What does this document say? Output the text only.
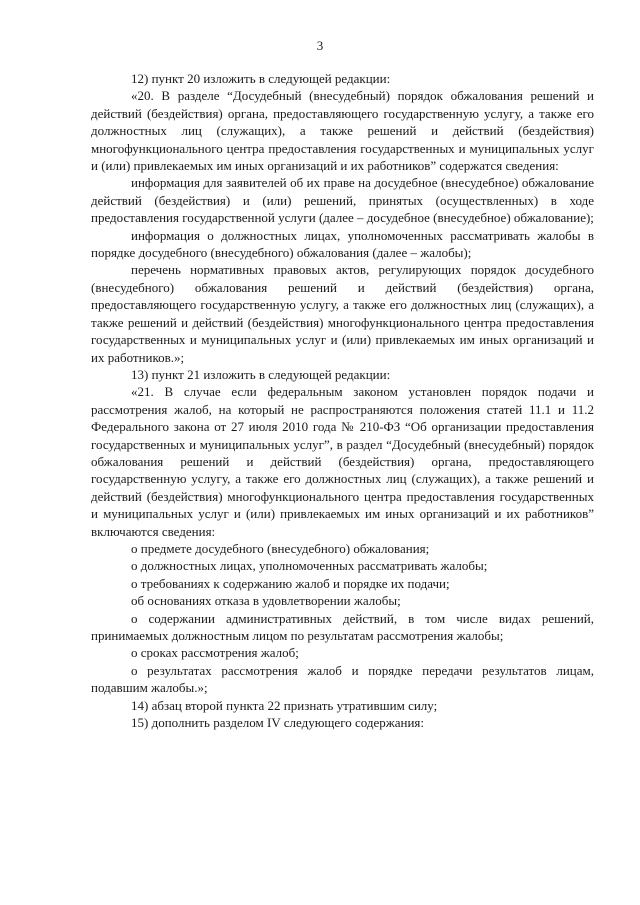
3

12) пункт 20 изложить в следующей редакции:

«20. В разделе “Досудебный (внесудебный) порядок обжалования решений и действий (бездействия) органа, предоставляющего государственную услугу, а также его должностных лиц (служащих), а также решений и действий (бездействия) многофункционального центра предоставления государственных и муниципальных услуг и (или) привлекаемых им иных организаций и их работников” содержатся сведения:

информация для заявителей об их праве на досудебное (внесудебное) обжалование действий (бездействия) и (или) решений, принятых (осуществленных) в ходе предоставления государственной услуги (далее – досудебное (внесудебное) обжалование);

информация о должностных лицах, уполномоченных рассматривать жалобы в порядке досудебного (внесудебного) обжалования (далее – жалобы);

перечень нормативных правовых актов, регулирующих порядок досудебного (внесудебного) обжалования решений и действий (бездействия) органа, предоставляющего государственную услугу, а также его должностных лиц (служащих), а также решений и действий (бездействия) многофункционального центра предоставления государственных и муниципальных услуг и (или) привлекаемых им иных организаций и их работников.»;

13) пункт 21 изложить в следующей редакции:

«21. В случае если федеральным законом установлен порядок подачи и рассмотрения жалоб, на который не распространяются положения статей 11.1 и 11.2 Федерального закона от 27 июля 2010 года № 210-ФЗ “Об организации предоставления государственных и муниципальных услуг”, в раздел “Досудебный (внесудебный) порядок обжалования решений и действий (бездействия) органа, предоставляющего государственную услугу, а также его должностных лиц (служащих), а также решений и действий (бездействия) многофункционального центра предоставления государственных и муниципальных услуг и (или) привлекаемых им иных организаций и их работников” включаются сведения:

о предмете досудебного (внесудебного) обжалования;

о должностных лицах, уполномоченных рассматривать жалобы;

о требованиях к содержанию жалоб и порядке их подачи;

об основаниях отказа в удовлетворении жалобы;

о содержании административных действий, в том числе видах решений, принимаемых должностным лицом по результатам рассмотрения жалобы;

о сроках рассмотрения жалоб;

о результатах рассмотрения жалоб и порядке передачи результатов лицам, подавшим жалобы.»;

14) абзац второй пункта 22 признать утратившим силу;

15) дополнить разделом IV следующего содержания:
